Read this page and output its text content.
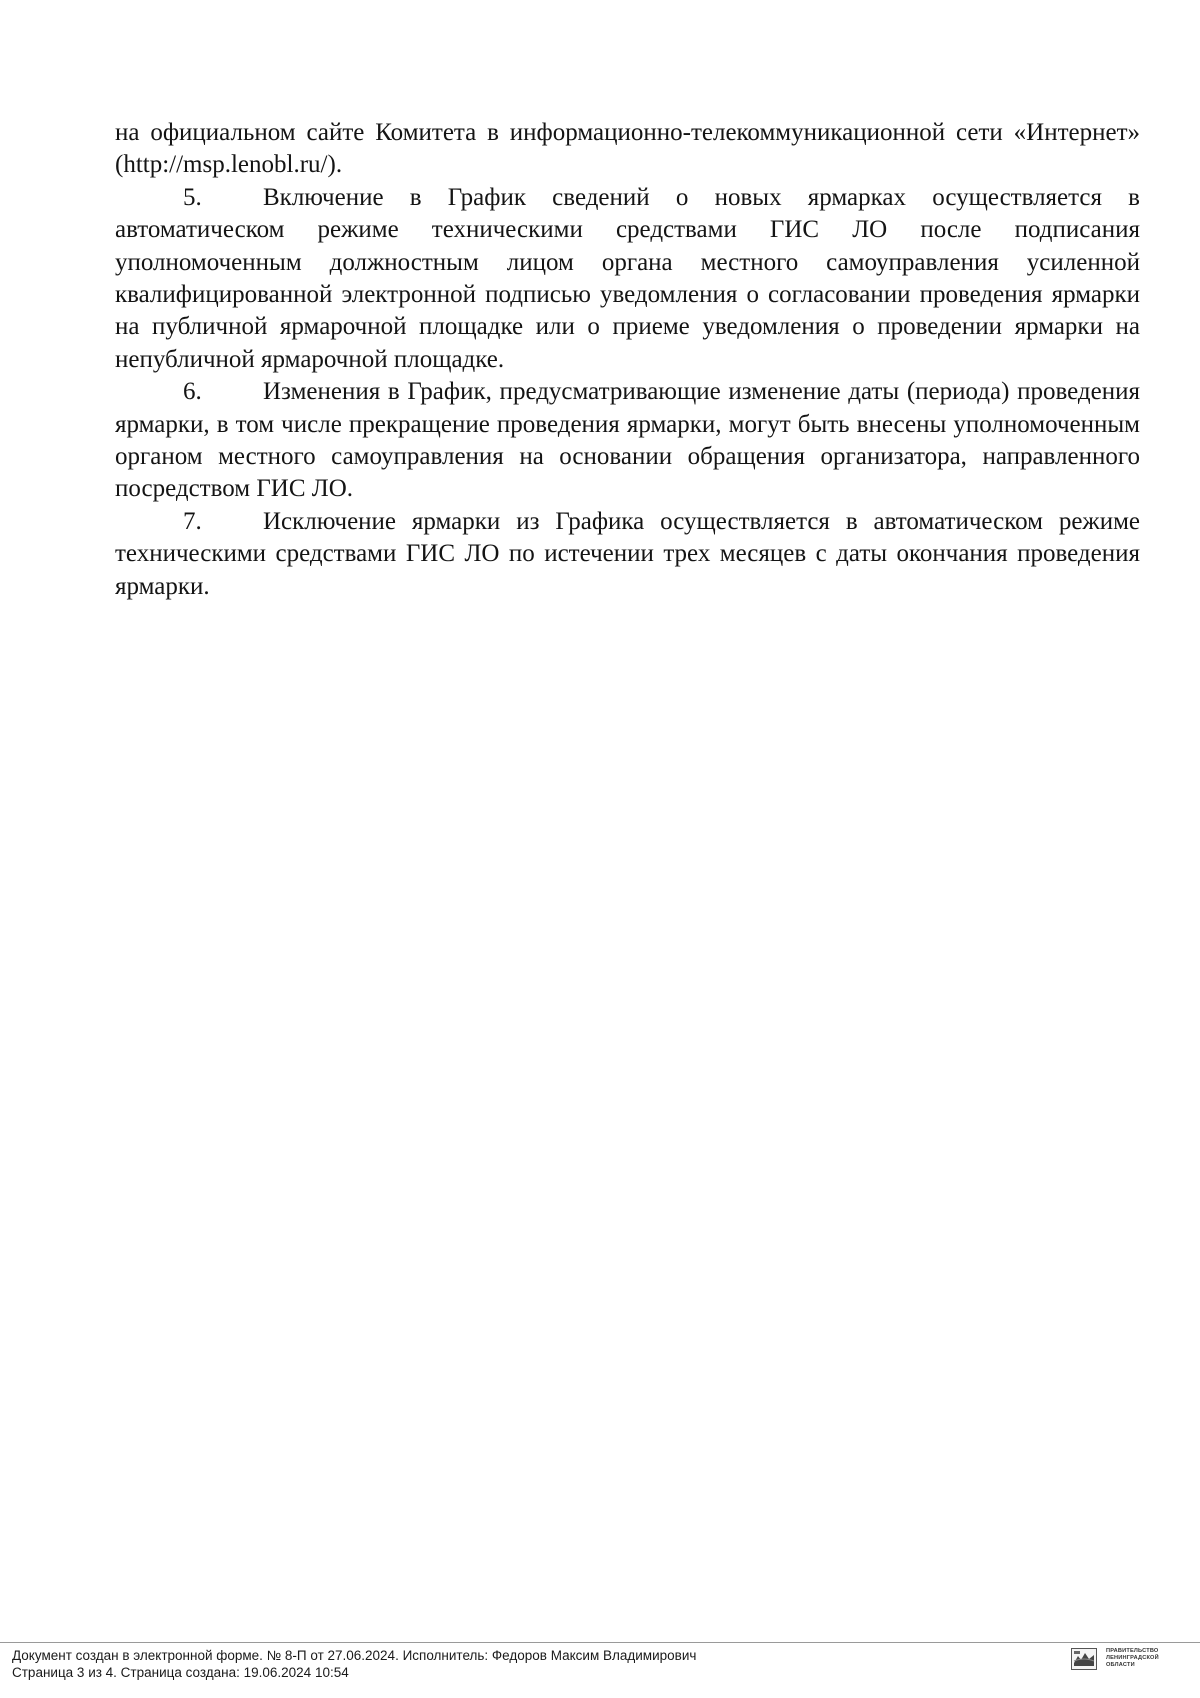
на официальном сайте Комитета в информационно-телекоммуникационной сети «Интернет» (http://msp.lenobl.ru/).

5. Включение в График сведений о новых ярмарках осуществляется в автоматическом режиме техническими средствами ГИС ЛО после подписания уполномоченным должностным лицом органа местного самоуправления усиленной квалифицированной электронной подписью уведомления о согласовании проведения ярмарки на публичной ярмарочной площадке или о приеме уведомления о проведении ярмарки на непубличной ярмарочной площадке.

6. Изменения в График, предусматривающие изменение даты (периода) проведения ярмарки, в том числе прекращение проведения ярмарки, могут быть внесены уполномоченным органом местного самоуправления на основании обращения организатора, направленного посредством ГИС ЛО.

7. Исключение ярмарки из Графика осуществляется в автоматическом режиме техническими средствами ГИС ЛО по истечении трех месяцев с даты окончания проведения ярмарки.

Документ создан в электронной форме. № 8-П от 27.06.2024. Исполнитель: Федоров Максим Владимирович
Страница 3 из 4. Страница создана: 19.06.2024 10:54
ПРАВИТЕЛЬСТВО
ЛЕНИНГРАДСКОЙ
ОБЛАСТИ
